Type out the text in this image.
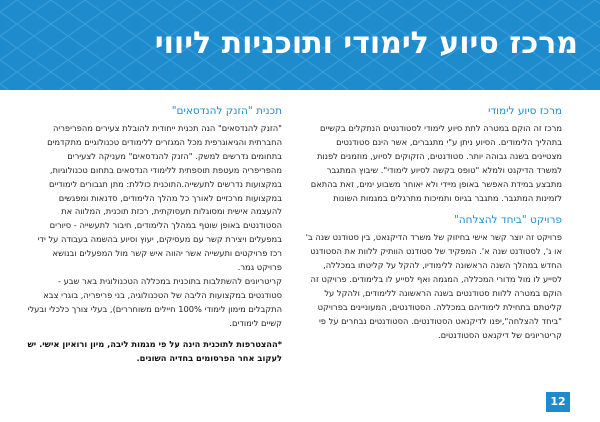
מרכז סיוע לימודי ותוכניות ליווי
מרכז סיוע לימודי

מרכז זה הוקם במטרה לתת סיוע לימודי לסטודנטים הנתקלים בקשיים בתהליך הלימודים. הסיוע ניתן ע"י מתגברים, אשר הינם סטודנטים מצטיינים בשנה גבוהה יותר. סטודנטים, הזקוקים לסיוע, מוזמנים לפנות למשרד הדיקנט ולמלא "טופס בקשה לסיוע לימודי". שיבוץ המתגבר מתבצע במידת האפשר באופן מיידי ולא יאוחר משבוע ימים, זאת בהתאם לזמינות המתגבר. מתגבר בגיוס ותמיכות מתרגלים במגמות השונות

פרויקט "ביחד להצלחה"

פרויקט זה יוצר קשר אישי בחיזוק של משרד הדיקנאט, בין סטודנט שנה ב' או ג', לסטודנט שנה א'. המפקיד של סטודנט הוותיק ללוות את הסטודנט החדש במהלך השנה הראשונה ללימודיו, להקל על קליטתו במכללה, לסייע לו מול מדורי המכללה, המגמה ואף לסייע לו בלימודים. פרויקט זה הוקם במטרה ללוות סטודנטים בשנה הראשונה ללימודים, ולהקל על קליטתם בתחילת לימודיהם במכללה. הסטודנטים, המעוניינים בפרויקט "ביחד להצלחה",יפנו לדיקנאט הסטודנטים. הסטודנטים נבחרים על פי קריטריונים של דיקנאט הסטודנטים.

תכנית "הזנק להנדסאים"

"הזנק להנדסאים" הנה תכנית ייחודית להובלת צעירים מהפריפריה החברתית והגיאוגרפית מכל המגזרים ללימודים טכנולוגיים מתקדמים בתחומים נדרשים למשק. "הזנק להנדסאים" מעניקה לצעירים מהפריפריה מעטפת תוספתית ללימודי הנדסאים בתחום טכנולוגיות, במקצועות נדרשים לתעשייה.התוכנית כוללת: מתן תגבורים לימודיים במקצועות מרכזיים לאורך כל מהלך הלימודים, סדנאות ומפגשים להעצמה אישית ומסוגלות תעסוקתית, רכזת תוכנית, המלווה את הסטודנטים באופן שוטף במהלך הלימודים, חיבור לתעשייה - סיורים במפעלים ויצירת קשר עם מעסיקים, יעוץ וסיוע בהשמה בעבודה על ידי רכז פרויקטים ותעשייה אשר יהווה איש קשר מול המפעלים ובנושא פרויקט גמר.

קריטריונים להשתלבות בתוכנית במכללה הטכנולוגית באר שבע - סטודנטים במקצועות הליבה של הטכנולוגיה, בני פריפריה, בוגרי צבא התקבלים מימון לימודי 100% חיילים משוחררים), בעלי צורך כלכלי ובעלי קשיים לימודים.

*ההצטרפות לתוכנית הינה על פי מגמות ליבה, מיון ורואיון אישי. יש לעקוב אחר הפרסומים בחדיה השונים.

12
